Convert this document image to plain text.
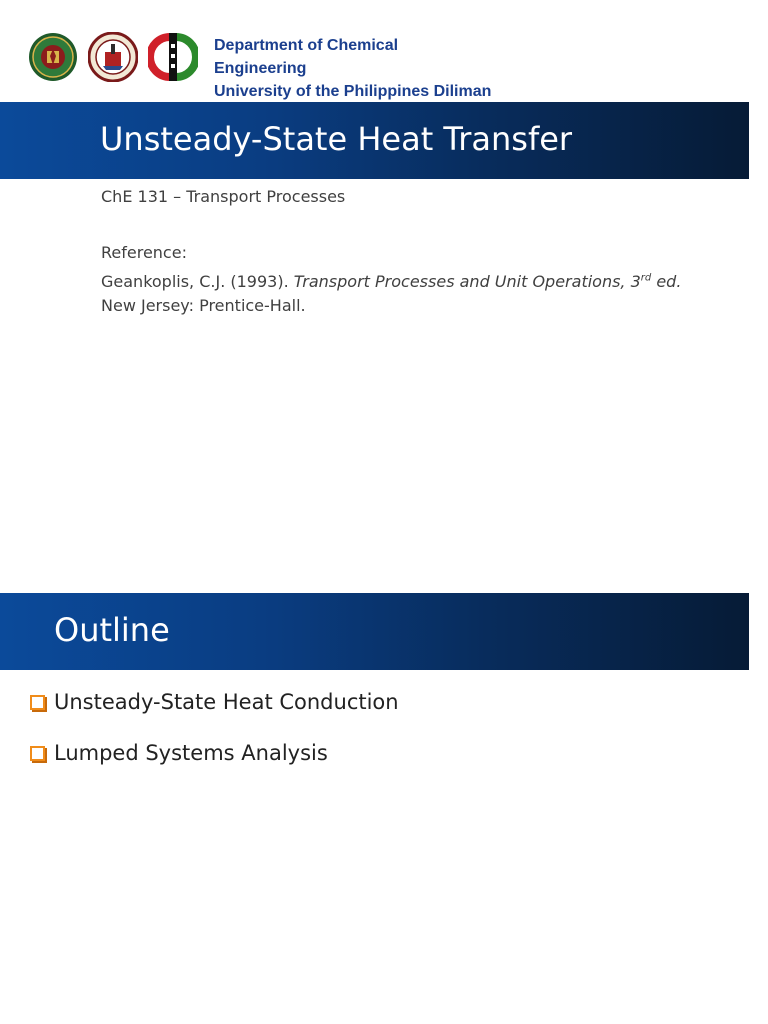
Department of Chemical
Engineering
University of the Philippines Diliman
Unsteady-State Heat Transfer
ChE 131 – Transport Processes
Reference:
Geankoplis, C.J. (1993). Transport Processes and Unit Operations, 3rd ed.
New Jersey: Prentice-Hall.
Outline
Unsteady-State Heat Conduction
Lumped Systems Analysis
